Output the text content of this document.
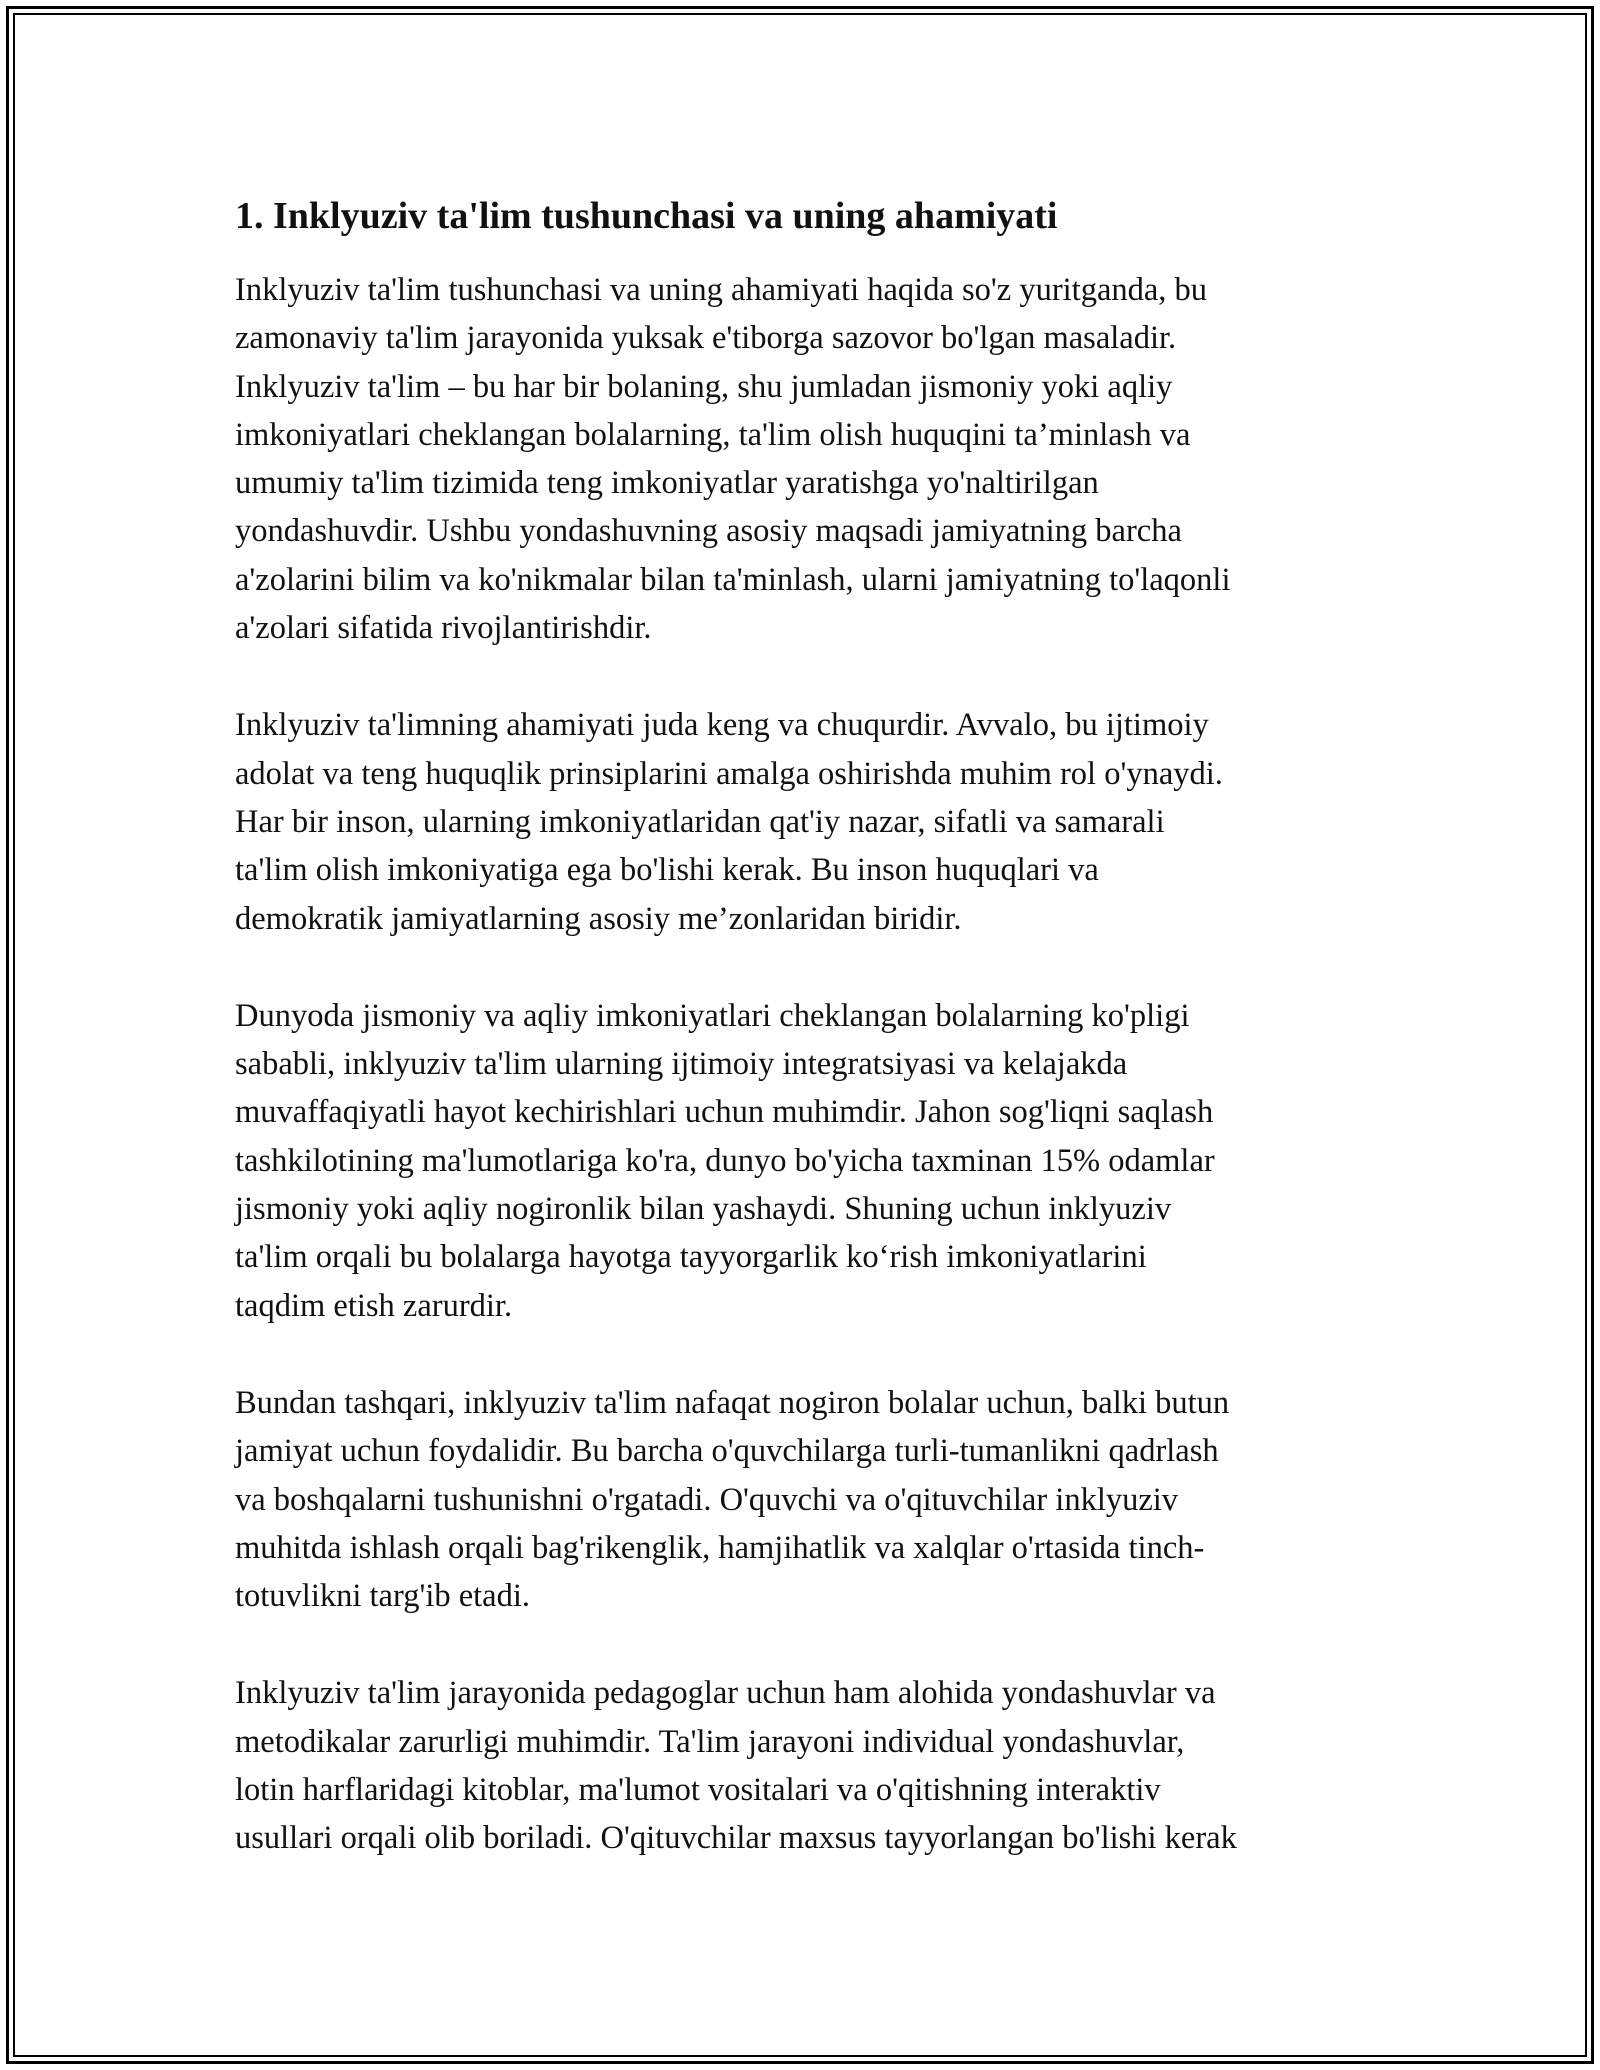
1. Inklyuziv ta'lim tushunchasi va uning ahamiyati

Inklyuziv ta'lim tushunchasi va uning ahamiyati haqida so'z yuritganda, bu
zamonaviy ta'lim jarayonida yuksak e'tiborga sazovor bo'lgan masaladir.
Inklyuziv ta'lim – bu har bir bolaning, shu jumladan jismoniy yoki aqliy
imkoniyatlari cheklangan bolalarning, ta'lim olish huquqini ta’minlash va
umumiy ta'lim tizimida teng imkoniyatlar yaratishga yo'naltirilgan
yondashuvdir. Ushbu yondashuvning asosiy maqsadi jamiyatning barcha
a'zolarini bilim va ko'nikmalar bilan ta'minlash, ularni jamiyatning to'laqonli
a'zolari sifatida rivojlantirishdir.

Inklyuziv ta'limning ahamiyati juda keng va chuqurdir. Avvalo, bu ijtimoiy
adolat va teng huquqlik prinsiplarini amalga oshirishda muhim rol o'ynaydi.
Har bir inson, ularning imkoniyatlaridan qat'iy nazar, sifatli va samarali
ta'lim olish imkoniyatiga ega bo'lishi kerak. Bu inson huquqlari va
demokratik jamiyatlarning asosiy me’zonlaridan biridir.

Dunyoda jismoniy va aqliy imkoniyatlari cheklangan bolalarning ko'pligi
sababli, inklyuziv ta'lim ularning ijtimoiy integratsiyasi va kelajakda
muvaffaqiyatli hayot kechirishlari uchun muhimdir. Jahon sog'liqni saqlash
tashkilotining ma'lumotlariga ko'ra, dunyo bo'yicha taxminan 15% odamlar
jismoniy yoki aqliy nogironlik bilan yashaydi. Shuning uchun inklyuziv
ta'lim orqali bu bolalarga hayotga tayyorgarlik ko‘rish imkoniyatlarini
taqdim etish zarurdir.

Bundan tashqari, inklyuziv ta'lim nafaqat nogiron bolalar uchun, balki butun
jamiyat uchun foydalidir. Bu barcha o'quvchilarga turli-tumanlikni qadrlash
va boshqalarni tushunishni o'rgatadi. O'quvchi va o'qituvchilar inklyuziv
muhitda ishlash orqali bag'rikenglik, hamjihatlik va xalqlar o'rtasida tinch-
totuvlikni targ'ib etadi.

Inklyuziv ta'lim jarayonida pedagoglar uchun ham alohida yondashuvlar va
metodikalar zarurligi muhimdir. Ta'lim jarayoni individual yondashuvlar,
lotin harflaridagi kitoblar, ma'lumot vositalari va o'qitishning interaktiv
usullari orqali olib boriladi. O'qituvchilar maxsus tayyorlangan bo'lishi kerak
